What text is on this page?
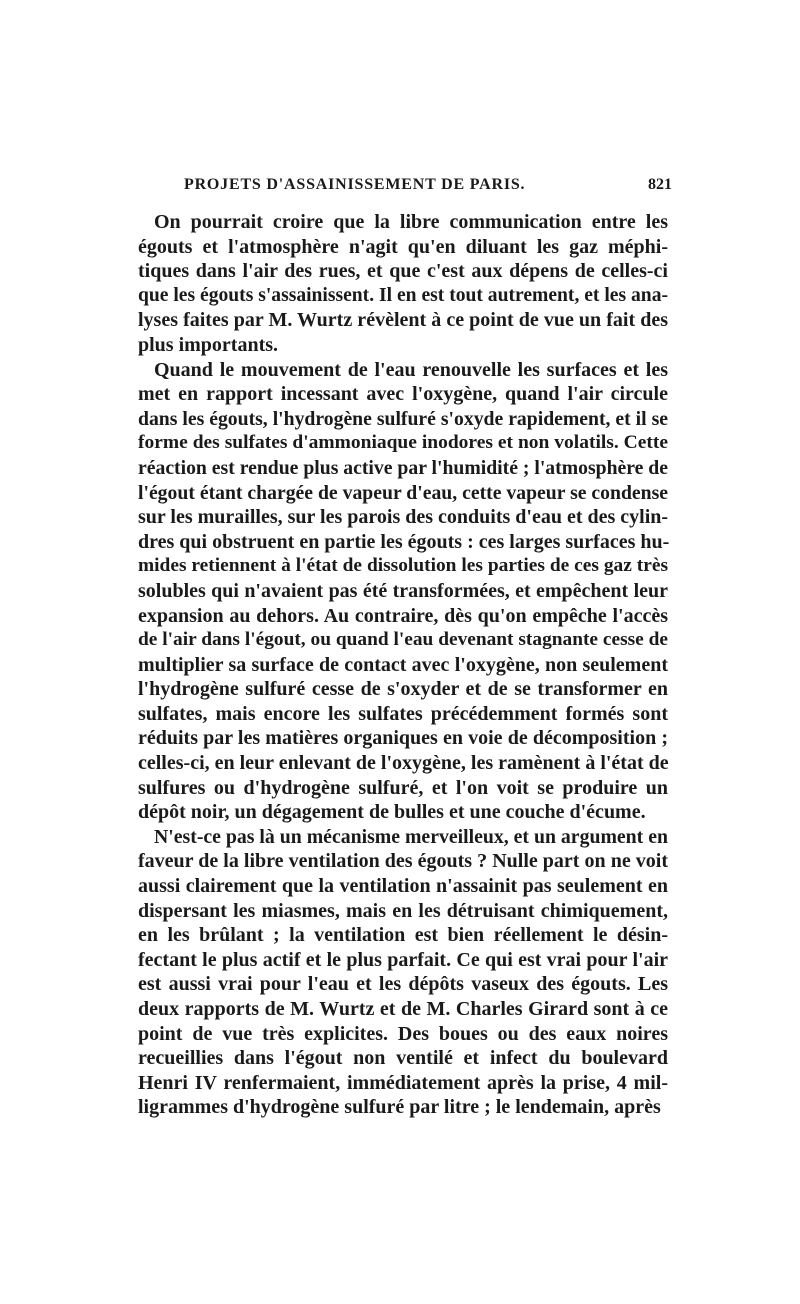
PROJETS D'ASSAINISSEMENT DE PARIS.	821
On pourrait croire que la libre communication entre les
égouts et l'atmosphère n'agit qu'en diluant les gaz méphi-
tiques dans l'air des rues, et que c'est aux dépens de celles-ci
que les égouts s'assainissent. Il en est tout autrement, et les ana-
lyses faites par M. Wurtz révèlent à ce point de vue un fait des
plus importants.
Quand le mouvement de l'eau renouvelle les surfaces et les
met en rapport incessant avec l'oxygène, quand l'air circule
dans les égouts, l'hydrogène sulfuré s'oxyde rapidement, et il se
forme des sulfates d'ammoniaque inodores et non volatils. Cette
réaction est rendue plus active par l'humidité ; l'atmosphère de
l'égout étant chargée de vapeur d'eau, cette vapeur se condense
sur les murailles, sur les parois des conduits d'eau et des cylin-
dres qui obstruent en partie les égouts : ces larges surfaces hu-
mides retiennent à l'état de dissolution les parties de ces gaz très
solubles qui n'avaient pas été transformées, et empêchent leur
expansion au dehors. Au contraire, dès qu'on empêche l'accès
de l'air dans l'égout, ou quand l'eau devenant stagnante cesse de
multiplier sa surface de contact avec l'oxygène, non seulement
l'hydrogène sulfuré cesse de s'oxyder et de se transformer en
sulfates, mais encore les sulfates précédemment formés sont
réduits par les matières organiques en voie de décomposition ;
celles-ci, en leur enlevant de l'oxygène, les ramènent à l'état de
sulfures ou d'hydrogène sulfuré, et l'on voit se produire un
dépôt noir, un dégagement de bulles et une couche d'écume.
N'est-ce pas là un mécanisme merveilleux, et un argument en
faveur de la libre ventilation des égouts ? Nulle part on ne voit
aussi clairement que la ventilation n'assainit pas seulement en
dispersant les miasmes, mais en les détruisant chimiquement,
en les brûlant ; la ventilation est bien réellement le désin-
fectant le plus actif et le plus parfait. Ce qui est vrai pour l'air
est aussi vrai pour l'eau et les dépôts vaseux des égouts. Les
deux rapports de M. Wurtz et de M. Charles Girard sont à ce
point de vue très explicites. Des boues ou des eaux noires
recueillies dans l'égout non ventilé et infect du boulevard
Henri IV renfermaient, immédiatement après la prise, 4 mil-
ligrammes d'hydrogène sulfuré par litre ; le lendemain, après
